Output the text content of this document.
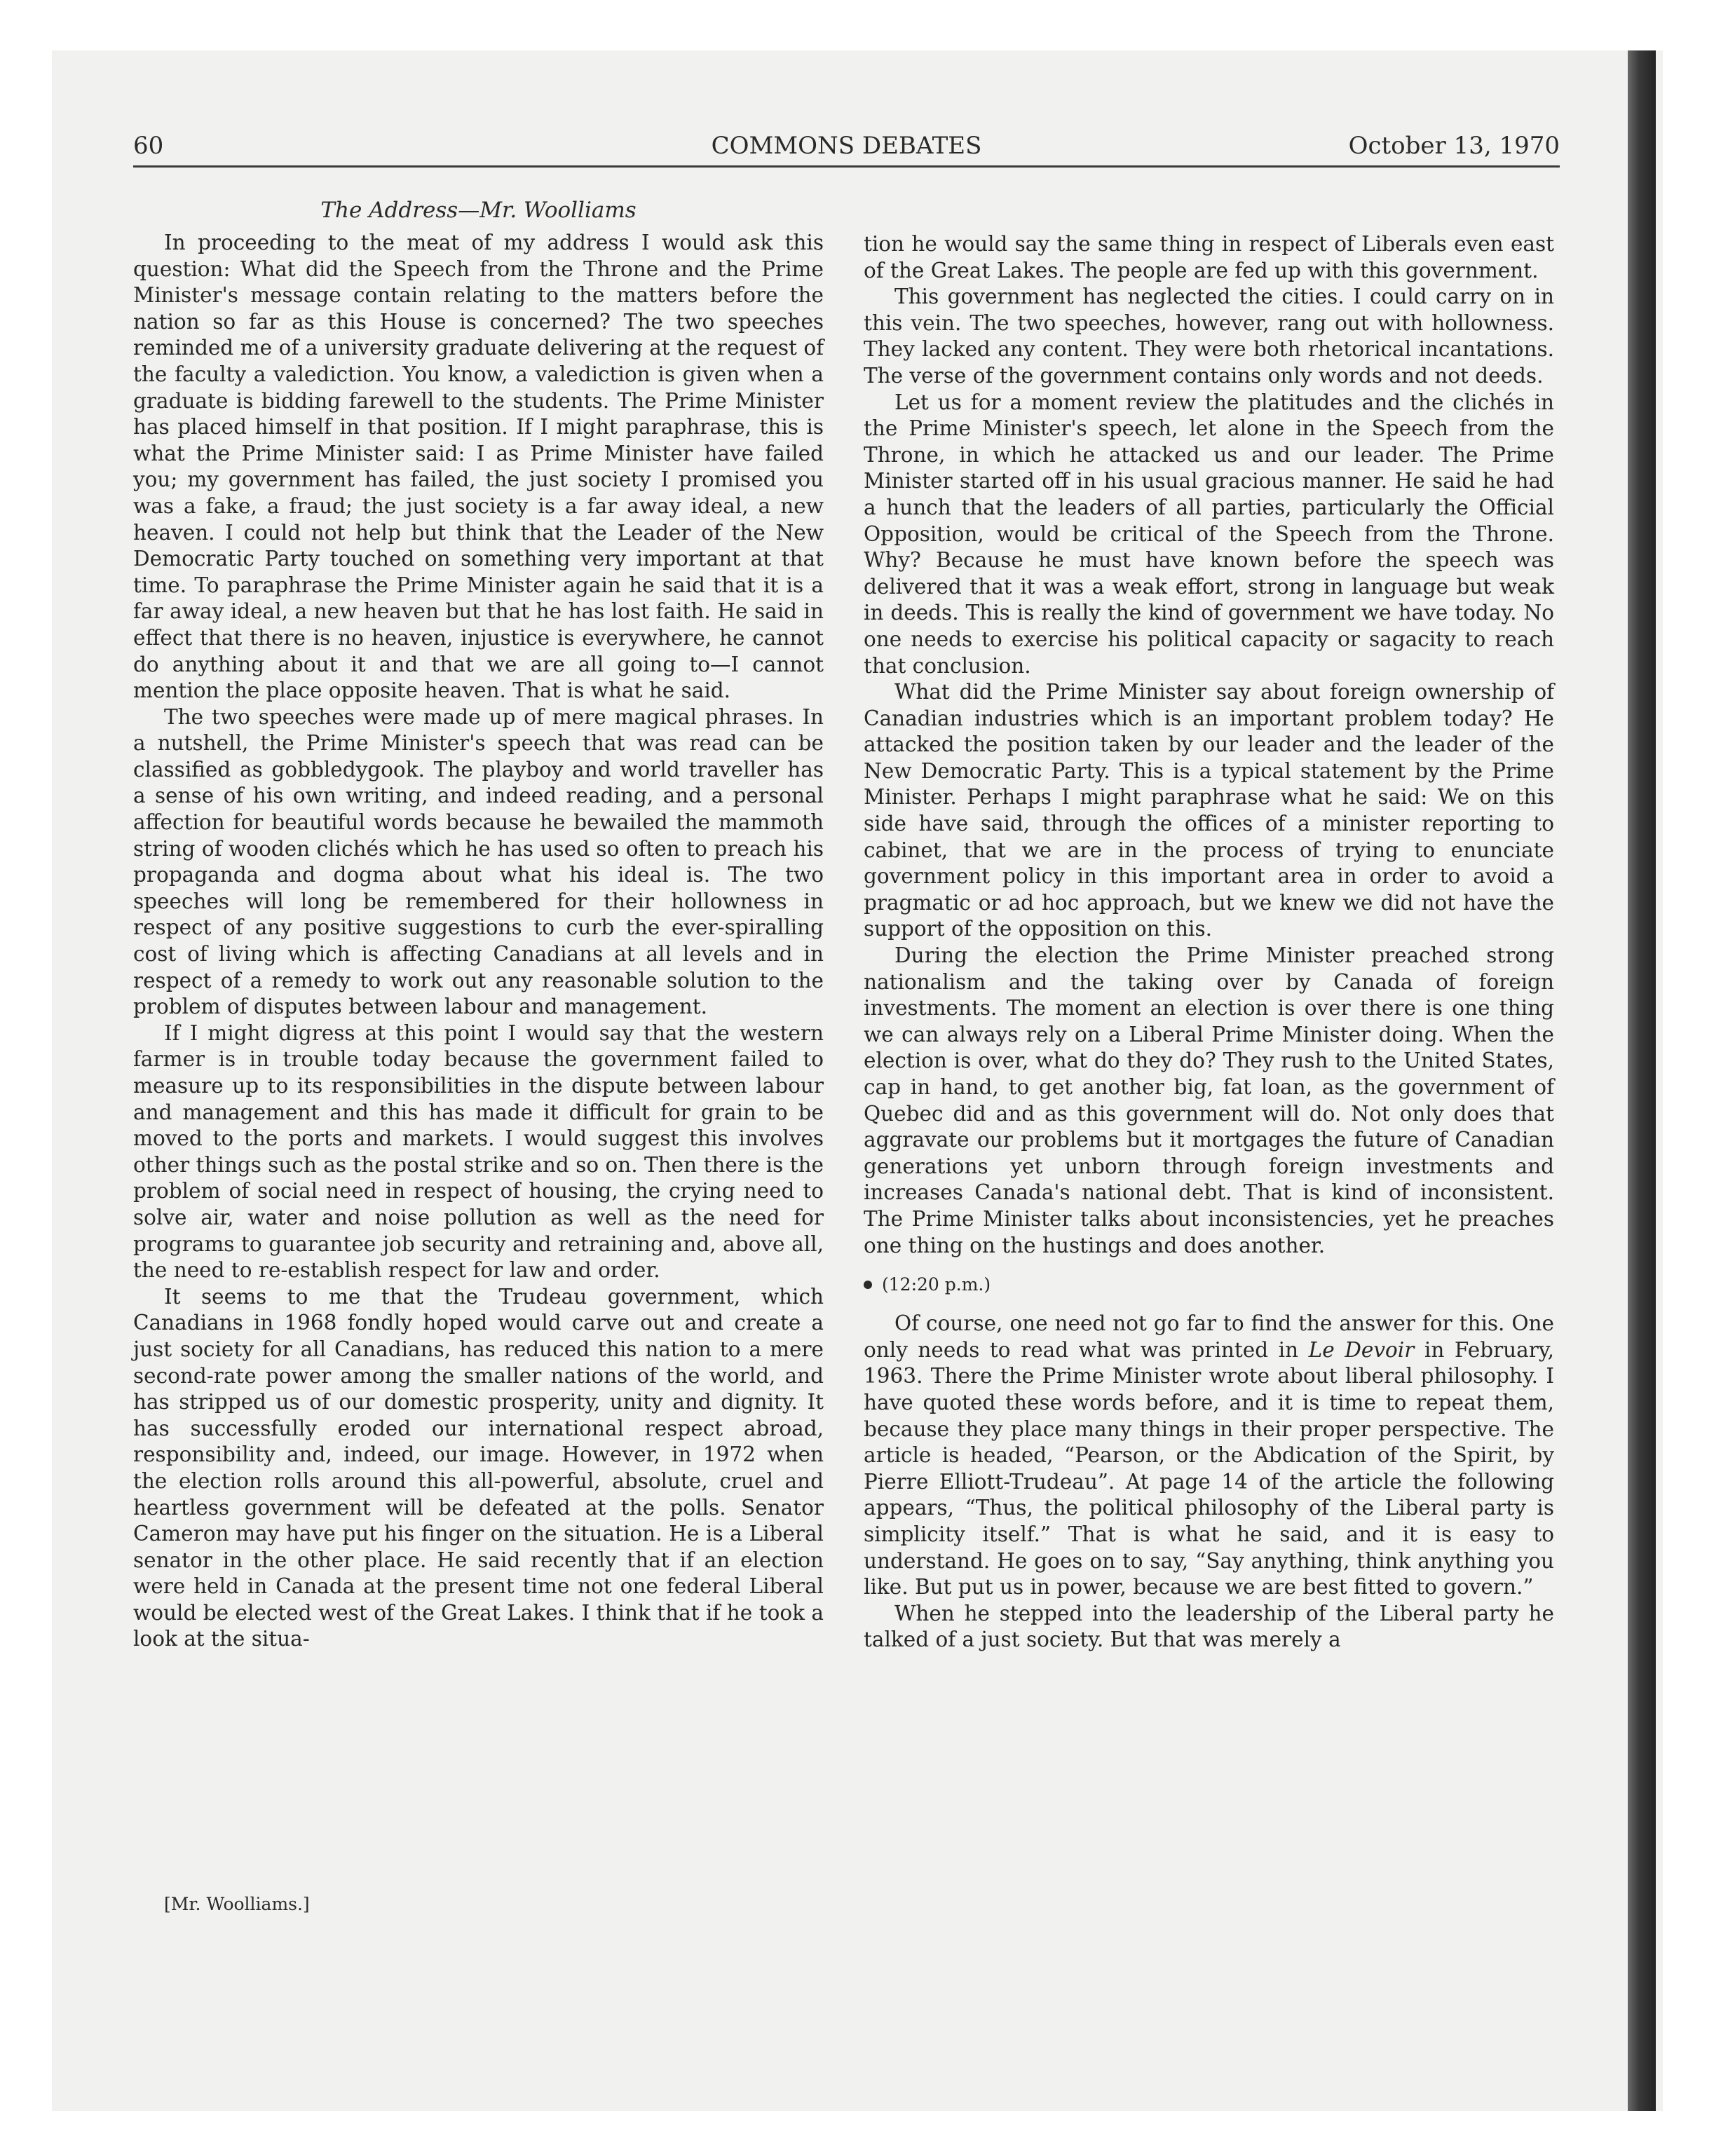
60	COMMONS DEBATES	October 13, 1970
The Address—Mr. Woolliams

In proceeding to the meat of my address I would ask this question: What did the Speech from the Throne and the Prime Minister's message contain relating to the matters before the nation so far as this House is concerned? The two speeches reminded me of a university graduate delivering at the request of the faculty a valediction. You know, a valediction is given when a graduate is bidding farewell to the students. The Prime Minister has placed himself in that position. If I might paraphrase, this is what the Prime Minister said: I as Prime Minister have failed you; my government has failed, the just society I promised you was a fake, a fraud; the just society is a far away ideal, a new heaven. I could not help but think that the Leader of the New Democratic Party touched on something very important at that time. To paraphrase the Prime Minister again he said that it is a far away ideal, a new heaven but that he has lost faith. He said in effect that there is no heaven, injustice is everywhere, he cannot do anything about it and that we are all going to—I cannot mention the place opposite heaven. That is what he said.

The two speeches were made up of mere magical phrases. In a nutshell, the Prime Minister's speech that was read can be classified as gobbledygook. The playboy and world traveller has a sense of his own writing, and indeed reading, and a personal affection for beautiful words because he bewailed the mammoth string of wooden clichés which he has used so often to preach his propaganda and dogma about what his ideal is. The two speeches will long be remembered for their hollowness in respect of any positive suggestions to curb the ever-spiralling cost of living which is affecting Canadians at all levels and in respect of a remedy to work out any reasonable solution to the problem of disputes between labour and management.

If I might digress at this point I would say that the western farmer is in trouble today because the government failed to measure up to its responsibilities in the dispute between labour and management and this has made it difficult for grain to be moved to the ports and markets. I would suggest this involves other things such as the postal strike and so on. Then there is the problem of social need in respect of housing, the crying need to solve air, water and noise pollution as well as the need for programs to guarantee job security and retraining and, above all, the need to re-establish respect for law and order.

It seems to me that the Trudeau government, which Canadians in 1968 fondly hoped would carve out and create a just society for all Canadians, has reduced this nation to a mere second-rate power among the smaller nations of the world, and has stripped us of our domestic prosperity, unity and dignity. It has successfully eroded our international respect abroad, responsibility and, indeed, our image. However, in 1972 when the election rolls around this all-powerful, absolute, cruel and heartless government will be defeated at the polls. Senator Cameron may have put his finger on the situation. He is a Liberal senator in the other place. He said recently that if an election were held in Canada at the present time not one federal Liberal would be elected west of the Great Lakes. I think that if he took a look at the situa-

tion he would say the same thing in respect of Liberals even east of the Great Lakes. The people are fed up with this government.

This government has neglected the cities. I could carry on in this vein. The two speeches, however, rang out with hollowness. They lacked any content. They were both rhetorical incantations. The verse of the government contains only words and not deeds.

Let us for a moment review the platitudes and the clichés in the Prime Minister's speech, let alone in the Speech from the Throne, in which he attacked us and our leader. The Prime Minister started off in his usual gracious manner. He said he had a hunch that the leaders of all parties, particularly the Official Opposition, would be critical of the Speech from the Throne. Why? Because he must have known before the speech was delivered that it was a weak effort, strong in language but weak in deeds. This is really the kind of government we have today. No one needs to exercise his political capacity or sagacity to reach that conclusion.

What did the Prime Minister say about foreign ownership of Canadian industries which is an important problem today? He attacked the position taken by our leader and the leader of the New Democratic Party. This is a typical statement by the Prime Minister. Perhaps I might paraphrase what he said: We on this side have said, through the offices of a minister reporting to cabinet, that we are in the process of trying to enunciate government policy in this important area in order to avoid a pragmatic or ad hoc approach, but we knew we did not have the support of the opposition on this.

During the election the Prime Minister preached strong nationalism and the taking over by Canada of foreign investments. The moment an election is over there is one thing we can always rely on a Liberal Prime Minister doing. When the election is over, what do they do? They rush to the United States, cap in hand, to get another big, fat loan, as the government of Quebec did and as this government will do. Not only does that aggravate our problems but it mortgages the future of Canadian generations yet unborn through foreign investments and increases Canada's national debt. That is kind of inconsistent. The Prime Minister talks about inconsistencies, yet he preaches one thing on the hustings and does another.

(12:20 p.m.)

Of course, one need not go far to find the answer for this. One only needs to read what was printed in Le Devoir in February, 1963. There the Prime Minister wrote about liberal philosophy. I have quoted these words before, and it is time to repeat them, because they place many things in their proper perspective. The article is headed, “Pearson, or the Abdication of the Spirit, by Pierre Elliott-Trudeau”. At page 14 of the article the following appears, “Thus, the political philosophy of the Liberal party is simplicity itself.” That is what he said, and it is easy to understand. He goes on to say, “Say anything, think anything you like. But put us in power, because we are best fitted to govern.”

When he stepped into the leadership of the Liberal party he talked of a just society. But that was merely a

[Mr. Woolliams.]
